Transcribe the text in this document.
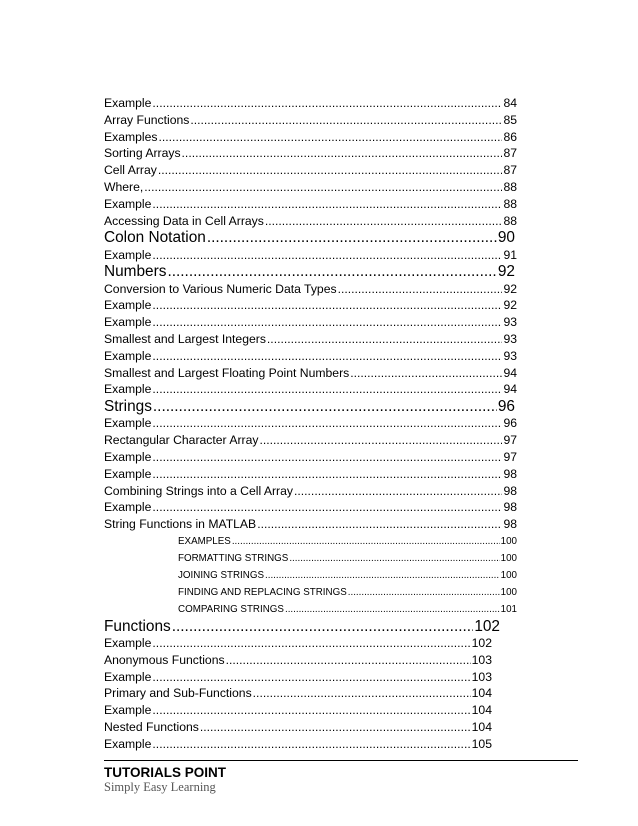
Example .....	84
Array Functions .....	85
Examples .....	86
Sorting Arrays .....	87
Cell Array .....	87
Where, .....	88
Example .....	88
Accessing Data in Cell Arrays .....	88
Colon Notation .....	90
Example .....	91
Numbers .....	92
Conversion to Various Numeric Data Types .....	92
Example .....	92
Example .....	93
Smallest and Largest Integers .....	93
Example .....	93
Smallest and Largest Floating Point Numbers .....	94
Example .....	94
Strings .....	96
Example .....	96
Rectangular Character Array .....	97
Example .....	97
Example .....	98
Combining Strings into a Cell Array .....	98
Example .....	98
String Functions in MATLAB .....	98
EXAMPLES .....	100
FORMATTING STRINGS .....	100
JOINING STRINGS .....	100
FINDING AND REPLACING STRINGS .....	100
COMPARING STRINGS .....	101
Functions .....	102
Example .....	102
Anonymous Functions .....	103
Example .....	103
Primary and Sub-Functions .....	104
Example .....	104
Nested Functions .....	104
Example .....	105
TUTORIALS POINT
Simply Easy Learning
